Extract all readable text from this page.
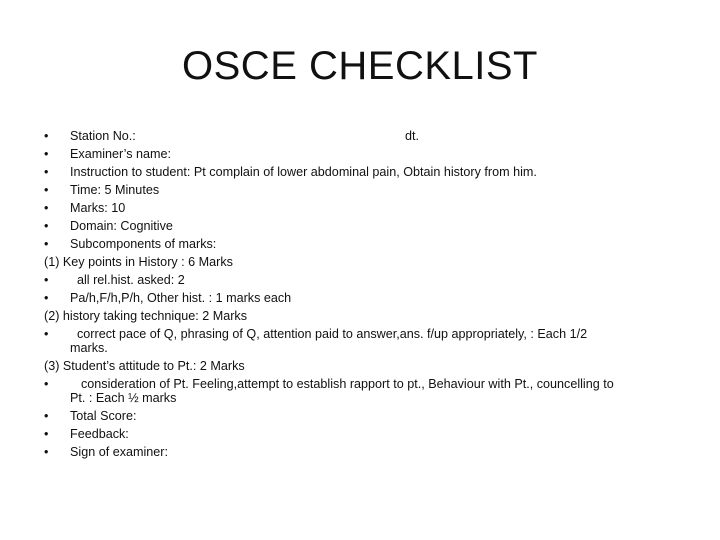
OSCE CHECKLIST
•	Station No.:	dt.
•	Examiner’s name:
•	Instruction to student: Pt complain of lower abdominal pain, Obtain history from him.
•	Time: 5 Minutes
•	Marks: 10
•	Domain: Cognitive
•	Subcomponents of marks:
(1) Key points in History : 6 Marks
•	all rel.hist. asked: 2
•	Pa/h,F/h,P/h, Other hist. : 1 marks each
(2) history taking technique: 2 Marks
•	correct pace of Q, phrasing of Q, attention paid to answer,ans. f/up appropriately, : Each 1/2
marks.
(3) Student’s attitude to Pt.: 2 Marks
•	consideration of Pt. Feeling,attempt to establish rapport to pt., Behaviour with Pt., councelling to
Pt. : Each ½ marks
•	Total Score:
•	Feedback:
•	Sign of examiner:
